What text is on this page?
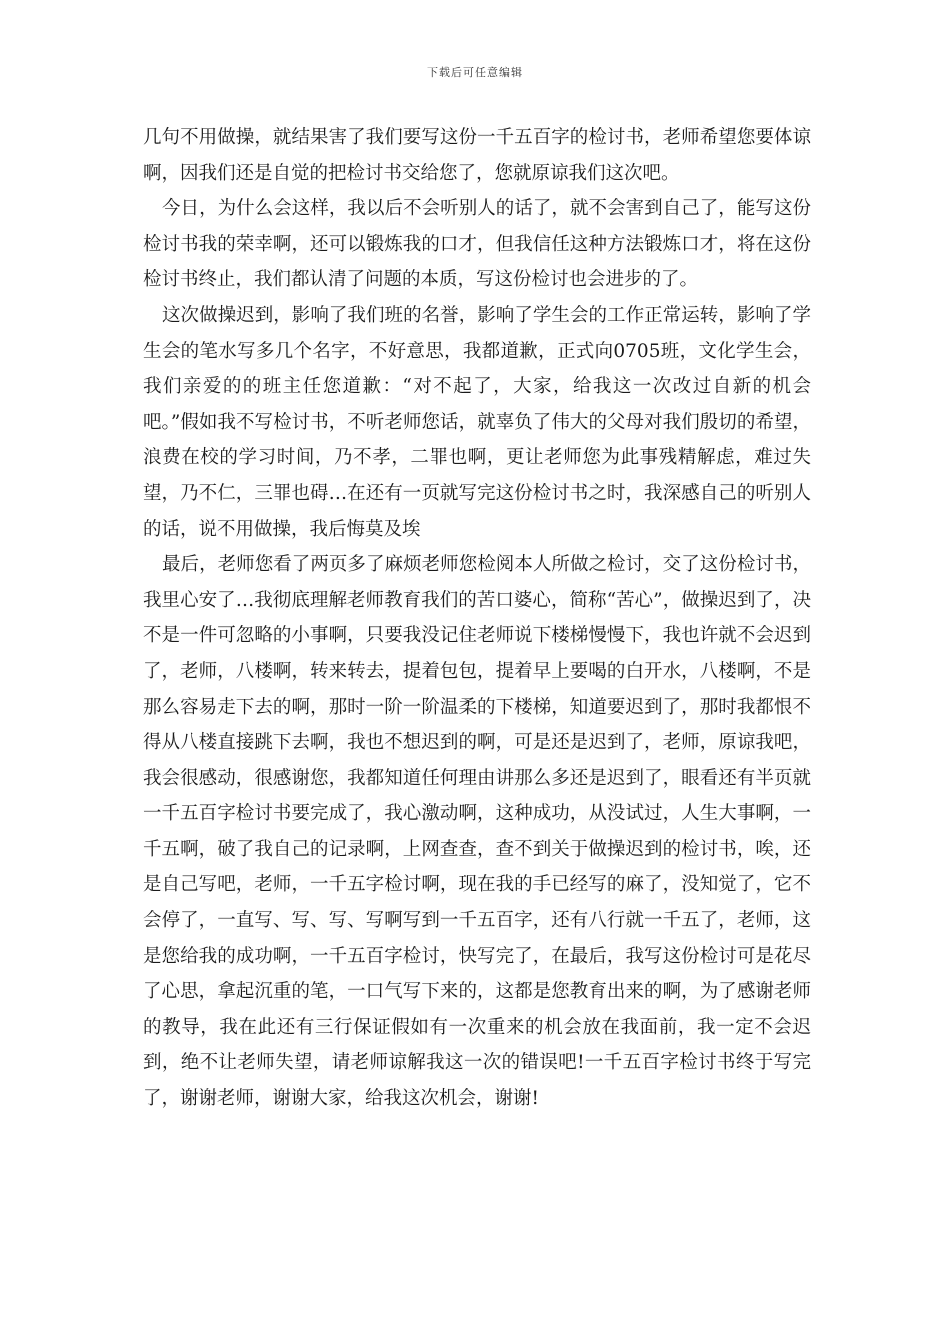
下载后可任意编辑

几句不用做操，就结果害了我们要写这份一千五百字的检讨书，老师希望您要体谅啊，因我们还是自觉的把检讨书交给您了，您就原谅我们这次吧。

今日，为什么会这样，我以后不会听别人的话了，就不会害到自己了，能写这份检讨书我的荣幸啊，还可以锻炼我的口才，但我信任这种方法锻炼口才，将在这份检讨书终止，我们都认清了问题的本质，写这份检讨也会进步的了。

这次做操迟到，影响了我们班的名誉，影响了学生会的工作正常运转，影响了学生会的笔水写多几个名字，不好意思，我都道歉，正式向0705班，文化学生会，我们亲爱的的班主任您道歉：“对不起了，大家，给我这一次改过自新的机会吧。”假如我不写检讨书，不听老师您话，就辜负了伟大的父母对我们殷切的希望，浪费在校的学习时间，乃不孝，二罪也啊，更让老师您为此事残精解虑，难过失望，乃不仁，三罪也碍…在还有一页就写完这份检讨书之时，我深感自己的听别人的话，说不用做操，我后悔莫及埃

最后，老师您看了两页多了麻烦老师您检阅本人所做之检讨，交了这份检讨书，我里心安了…我彻底理解老师教育我们的苦口婆心，简称“苦心”，做操迟到了，决不是一件可忽略的小事啊，只要我没记住老师说下楼梯慢慢下，我也许就不会迟到了，老师，八楼啊，转来转去，提着包包，提着早上要喝的白开水，八楼啊，不是那么容易走下去的啊，那时一阶一阶温柔的下楼梯，知道要迟到了，那时我都恨不得从八楼直接跳下去啊，我也不想迟到的啊，可是还是迟到了，老师，原谅我吧，我会很感动，很感谢您，我都知道任何理由讲那么多还是迟到了，眼看还有半页就一千五百字检讨书要完成了，我心激动啊，这种成功，从没试过，人生大事啊，一千五啊，破了我自己的记录啊，上网查查，查不到关于做操迟到的检讨书，唉，还是自己写吧，老师，一千五字检讨啊，现在我的手已经写的麻了，没知觉了，它不会停了，一直写、写、写、写啊写到一千五百字，还有八行就一千五了，老师，这是您给我的成功啊，一千五百字检讨，快写完了，在最后，我写这份检讨可是花尽了心思，拿起沉重的笔，一口气写下来的，这都是您教育出来的啊，为了感谢老师的教导，我在此还有三行保证假如有一次重来的机会放在我面前，我一定不会迟到，绝不让老师失望，请老师谅解我这一次的错误吧!一千五百字检讨书终于写完了，谢谢老师，谢谢大家，给我这次机会，谢谢!
